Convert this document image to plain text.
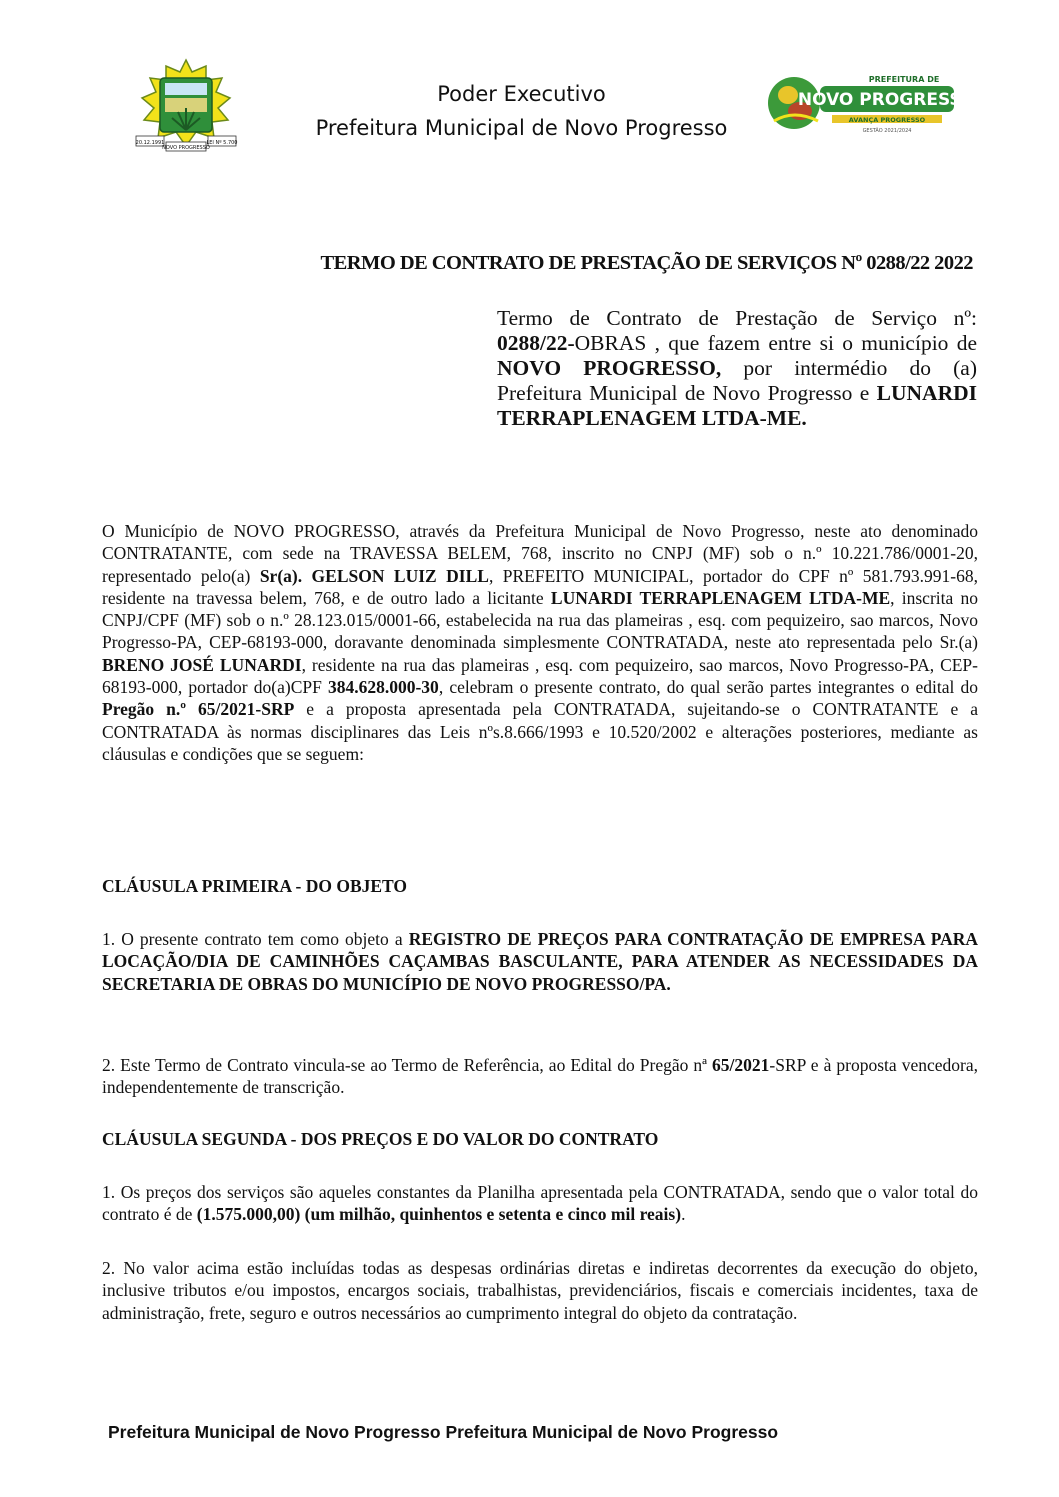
20.12.1991	LEI Nº 5.700
NOVO PROGRESSO
Poder Executivo
Prefeitura Municipal de Novo Progresso
PREFEITURA DE
NOVO PROGRESSO
AVANÇA PROGRESSO
GESTÃO 2021/2024
TERMO DE CONTRATO DE PRESTAÇÃO DE SERVIÇOS Nº 0288/22 2022
Termo de Contrato de Prestação de Serviço nº: 0288/22-OBRAS , que fazem entre si o município de NOVO PROGRESSO, por intermédio do (a) Prefeitura Municipal de Novo Progresso e LUNARDI TERRAPLENAGEM LTDA-ME.
O Município de NOVO PROGRESSO, através da Prefeitura Municipal de Novo Progresso, neste ato denominado CONTRATANTE, com sede na TRAVESSA BELEM, 768, inscrito no CNPJ (MF) sob o n.º 10.221.786/0001-20, representado pelo(a) Sr(a). GELSON LUIZ DILL, PREFEITO MUNICIPAL, portador do CPF nº 581.793.991-68, residente na travessa belem, 768, e de outro lado a licitante LUNARDI TERRAPLENAGEM LTDA-ME, inscrita no CNPJ/CPF (MF) sob o n.º 28.123.015/0001-66, estabelecida na rua das plameiras , esq. com pequizeiro, sao marcos, Novo Progresso-PA, CEP-68193-000, doravante denominada simplesmente CONTRATADA, neste ato representada pelo Sr.(a) BRENO JOSÉ LUNARDI, residente na rua das plameiras , esq. com pequizeiro, sao marcos, Novo Progresso-PA, CEP-68193-000, portador do(a)CPF 384.628.000-30, celebram o presente contrato, do qual serão partes integrantes o edital do Pregão n.º 65/2021-SRP e a proposta apresentada pela CONTRATADA, sujeitando-se o CONTRATANTE e a CONTRATADA às normas disciplinares das Leis nºs.8.666/1993 e 10.520/2002 e alterações posteriores, mediante as cláusulas e condições que se seguem:
CLÁUSULA PRIMEIRA - DO OBJETO
1. O presente contrato tem como objeto a REGISTRO DE PREÇOS PARA CONTRATAÇÃO DE EMPRESA PARA LOCAÇÃO/DIA DE CAMINHÕES CAÇAMBAS BASCULANTE, PARA ATENDER AS NECESSIDADES DA SECRETARIA DE OBRAS DO MUNICÍPIO DE NOVO PROGRESSO/PA.
2. Este Termo de Contrato vincula-se ao Termo de Referência, ao Edital do Pregão nª 65/2021-SRP e à proposta vencedora, independentemente de transcrição.
CLÁUSULA SEGUNDA - DOS PREÇOS E DO VALOR DO CONTRATO
1. Os preços dos serviços são aqueles constantes da Planilha apresentada pela CONTRATADA, sendo que o valor total do contrato é de (1.575.000,00) (um milhão, quinhentos e setenta e cinco mil reais).
2. No valor acima estão incluídas todas as despesas ordinárias diretas e indiretas decorrentes da execução do objeto, inclusive tributos e/ou impostos, encargos sociais, trabalhistas, previdenciários, fiscais e comerciais incidentes, taxa de administração, frete, seguro e outros necessários ao cumprimento integral do objeto da contratação.
Prefeitura Municipal de Novo Progresso Prefeitura Municipal de Novo Progresso
